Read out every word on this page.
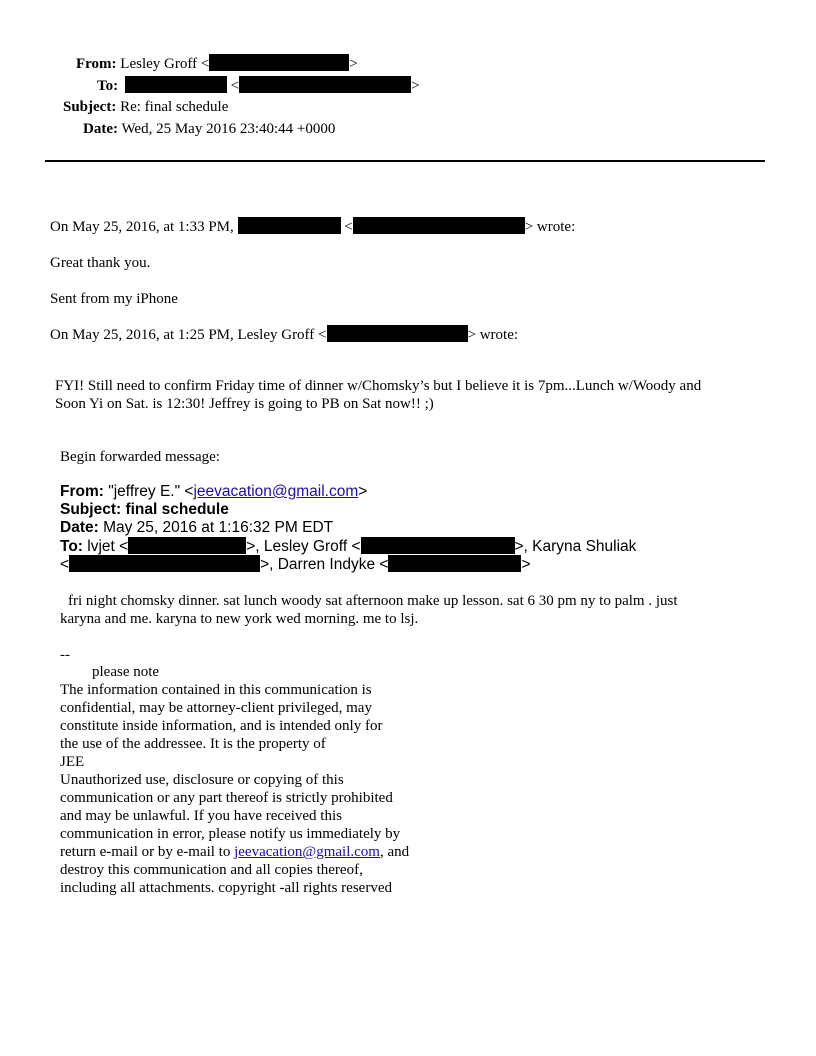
From: Lesley Groff <	>
To:	<	>
Subject: Re: final schedule
Date: Wed, 25 May 2016 23:40:44 +0000
On May 25, 2016, at 1:33 PM,	<	> wrote:
Great thank you.
Sent from my iPhone
On May 25, 2016, at 1:25 PM, Lesley Groff <	> wrote:
FYI! Still need to confirm Friday time of dinner w/Chomsky’s but I believe it is 7pm...Lunch w/Woody and
Soon Yi on Sat. is 12:30! Jeffrey is going to PB on Sat now!! ;)
Begin forwarded message:
From: "jeffrey E." <jeevacation@gmail.com>
Subject: final schedule
Date: May 25, 2016 at 1:16:32 PM EDT
To: lvjet <	>, Lesley Groff <	>, Karyna Shuliak
<	>, Darren Indyke <	>
fri night chomsky dinner. sat lunch woody sat afternoon make up lesson. sat 6 30 pm ny to palm . just
karyna and me. karyna to new york wed morning. me to lsj.
--
please note
The information contained in this communication is
confidential, may be attorney-client privileged, may
constitute inside information, and is intended only for
the use of the addressee. It is the property of
JEE
Unauthorized use, disclosure or copying of this
communication or any part thereof is strictly prohibited
and may be unlawful. If you have received this
communication in error, please notify us immediately by
return e-mail or by e-mail to jeevacation@gmail.com, and
destroy this communication and all copies thereof,
including all attachments. copyright -all rights reserved
